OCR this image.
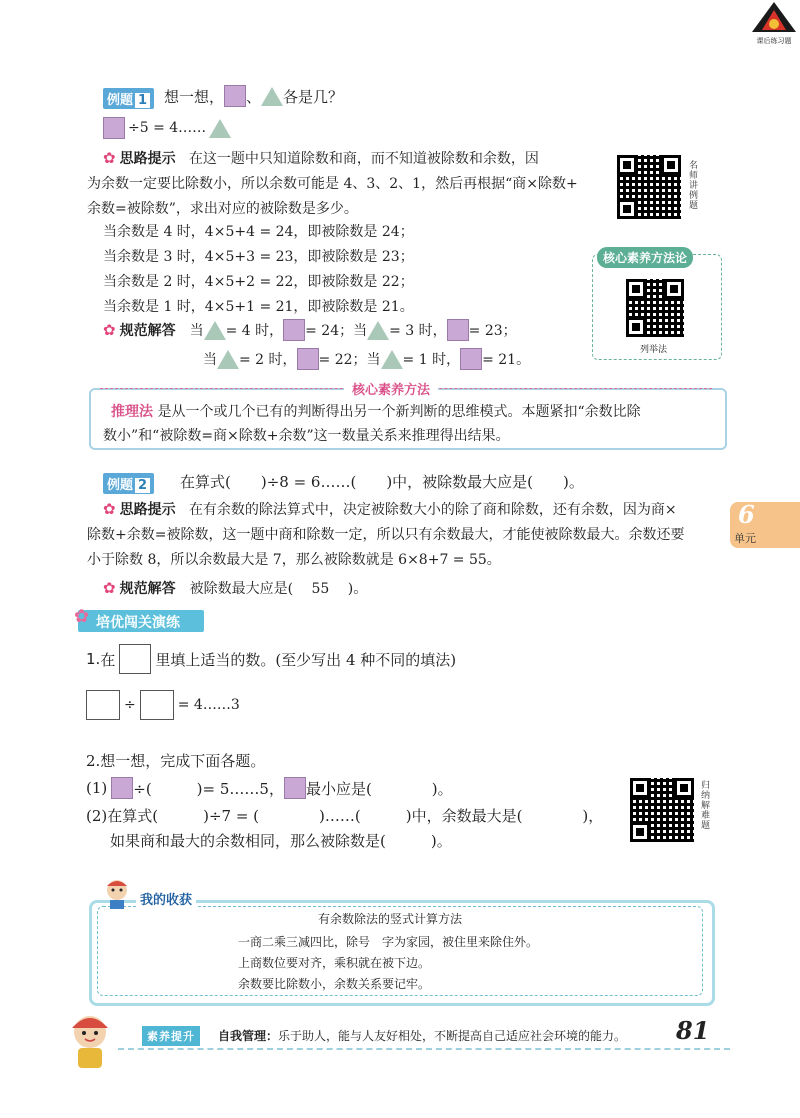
课后练习题
例题 1	想一想， 、 各是几？
÷5 = 4……
✿ 思路提示 在这一题中只知道除数和商，而不知道被除数和余数，因
为余数一定要比除数小，所以余数可能是 4、3、2、1，然后再根据“商×除数+
余数=被除数”，求出对应的被除数是多少。
当余数是 4 时，4×5+4 = 24，即被除数是 24；
当余数是 3 时，4×5+3 = 23，即被除数是 23；
当余数是 2 时，4×5+2 = 22，即被除数是 22；
当余数是 1 时，4×5+1 = 21，即被除数是 21。
✿ 规范解答 当 = 4 时， = 24；当 = 3 时， = 23；
当 = 2 时， = 22；当 = 1 时， = 21。
名师讲例题
核心素养方法论
列举法
核心素养方法
推理法 是从一个或几个已有的判断得出另一个新判断的思维模式。本题紧扣“余数比除
数小”和“被除数=商×除数+余数”这一数量关系来推理得出结果。
例题 2	在算式(　　)÷8 = 6……(　　)中，被除数最大应是(　　)。
✿ 思路提示 在有余数的除法算式中，决定被除数大小的除了商和除数，还有余数，因为商×
除数+余数=被除数，这一题中商和除数一定，所以只有余数最大，才能使被除数最大。余数还要
小于除数 8，所以余数最大是 7，那么被除数就是 6×8+7 = 55。
✿ 规范解答 被除数最大应是(　 55　 )。
6
单元
✿ 培优闯关演练
1. 在	里填上适当的数。(至少写出 4 种不同的填法)
÷	= 4……3
2.想一想，完成下面各题。
(1) ÷(　　　)= 5……5， 最小应是(　　　　)。
(2)在算式(　　　)÷7 = (　　　　)……(　　　)中，余数最大是(　　　　)，
如果商和最大的余数相同，那么被除数是(　　　)。
归纳解难题
我的收获
有余数除法的竖式计算方法
一商二乘三减四比，除号　字为家园，被住里来除住外。
上商数位要对齐，乘积就在被下边。
余数要比除数小，余数关系要记牢。
素养提升	自我管理： 乐于助人，能与人友好相处，不断提高自己适应社会环境的能力。 81
